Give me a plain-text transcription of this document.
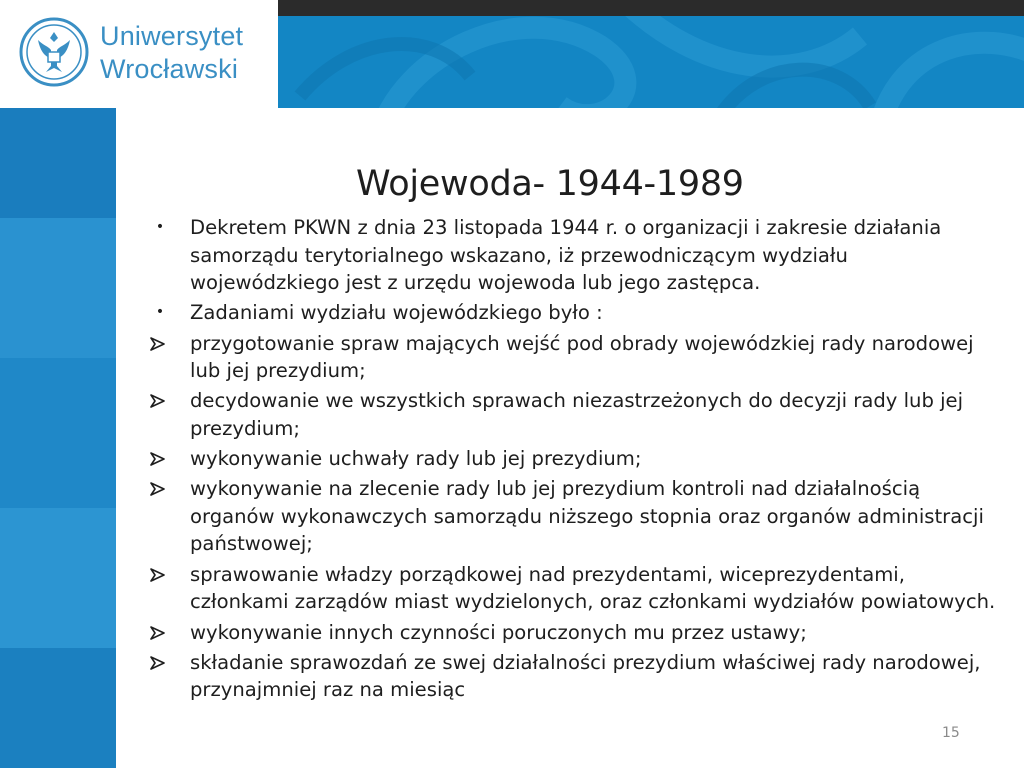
Uniwersytet
Wrocławski
Wojewoda- 1944-1989
• Dekretem PKWN z dnia 23 listopada 1944 r. o organizacji i zakresie działania samorządu terytorialnego wskazano, iż przewodniczącym wydziału wojewódzkiego jest z urzędu wojewoda lub jego zastępca.
• Zadaniami wydziału wojewódzkiego było :
przygotowanie spraw mających wejść pod obrady wojewódzkiej rady narodowej lub jej prezydium;
decydowanie we wszystkich sprawach niezastrzeżonych do decyzji rady lub jej prezydium;
wykonywanie uchwały rady lub jej prezydium;
wykonywanie na zlecenie rady lub jej prezydium kontroli nad działalnością organów wykonawczych samorządu niższego stopnia oraz organów administracji państwowej;
sprawowanie władzy porządkowej nad prezydentami, wiceprezydentami, członkami zarządów miast wydzielonych, oraz członkami wydziałów powiatowych.
wykonywanie innych czynności poruczonych mu przez ustawy;
składanie sprawozdań ze swej działalności prezydium właściwej rady narodowej, przynajmniej raz na miesiąc
15
